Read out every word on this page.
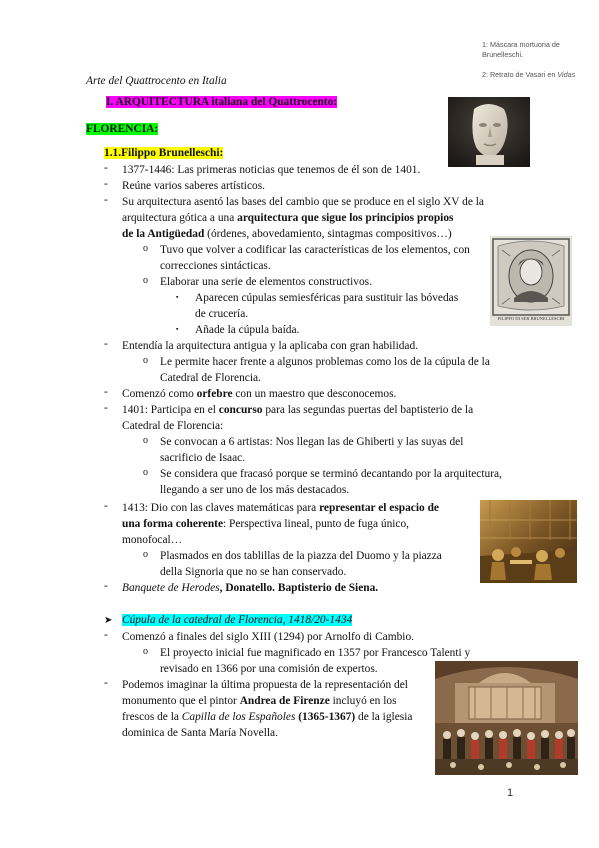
1: Máscara mortuoria de
Brunelleschi.
2: Retrato de Vasari en Vidas
Arte del Quattrocento en Italia
I. ARQUITECTURA italiana del Quattrocento:
FLORENCIA:
1.1.Filippo Brunelleschi:
FILIPPO DI SER BRUNELLESCHI
- 1377-1446: Las primeras noticias que tenemos de él son de 1401.
- Reúne varios saberes artísticos.
- Su arquitectura asentó las bases del cambio que se produce en el siglo XV de la
arquitectura gótica a una arquitectura que sigue los principios propios
de la Antigüedad (órdenes, abovedamiento, sintagmas compositivos…)
o Tuvo que volver a codificar las características de los elementos, con
correcciones sintácticas.
o Elaborar una serie de elementos constructivos.
▪ Aparecen cúpulas semiesféricas para sustituir las bóvedas
de crucería.
▪ Añade la cúpula baída.
- Entendía la arquitectura antigua y la aplicaba con gran habilidad.
o Le permite hacer frente a algunos problemas como los de la cúpula de la
Catedral de Florencia.
- Comenzó como orfebre con un maestro que desconocemos.
- 1401: Participa en el concurso para las segundas puertas del baptisterio de la
Catedral de Florencia:
o Se convocan a 6 artistas: Nos llegan las de Ghiberti y las suyas del
sacrificio de Isaac.
o Se considera que fracasó porque se terminó decantando por la arquitectura,
llegando a ser uno de los más destacados.
- 1413: Dio con las claves matemáticas para representar el espacio de
una forma coherente: Perspectiva lineal, punto de fuga único,
monofocal…
o Plasmados en dos tablillas de la piazza del Duomo y la piazza
della Signoria que no se han conservado.
- Banquete de Herodes, Donatello. Baptisterio de Siena.
➤ Cúpula de la catedral de Florencia, 1418/20-1434
- Comenzó a finales del siglo XIII (1294) por Arnolfo di Cambio.
o El proyecto inicial fue magnificado en 1357 por Francesco Talenti y
revisado en 1366 por una comisión de expertos.
- Podemos imaginar la última propuesta de la representación del
monumento que el pintor Andrea de Firenze incluyó en los
frescos de la Capilla de los Españoles (1365-1367) de la iglesia
dominica de Santa María Novella.
1
